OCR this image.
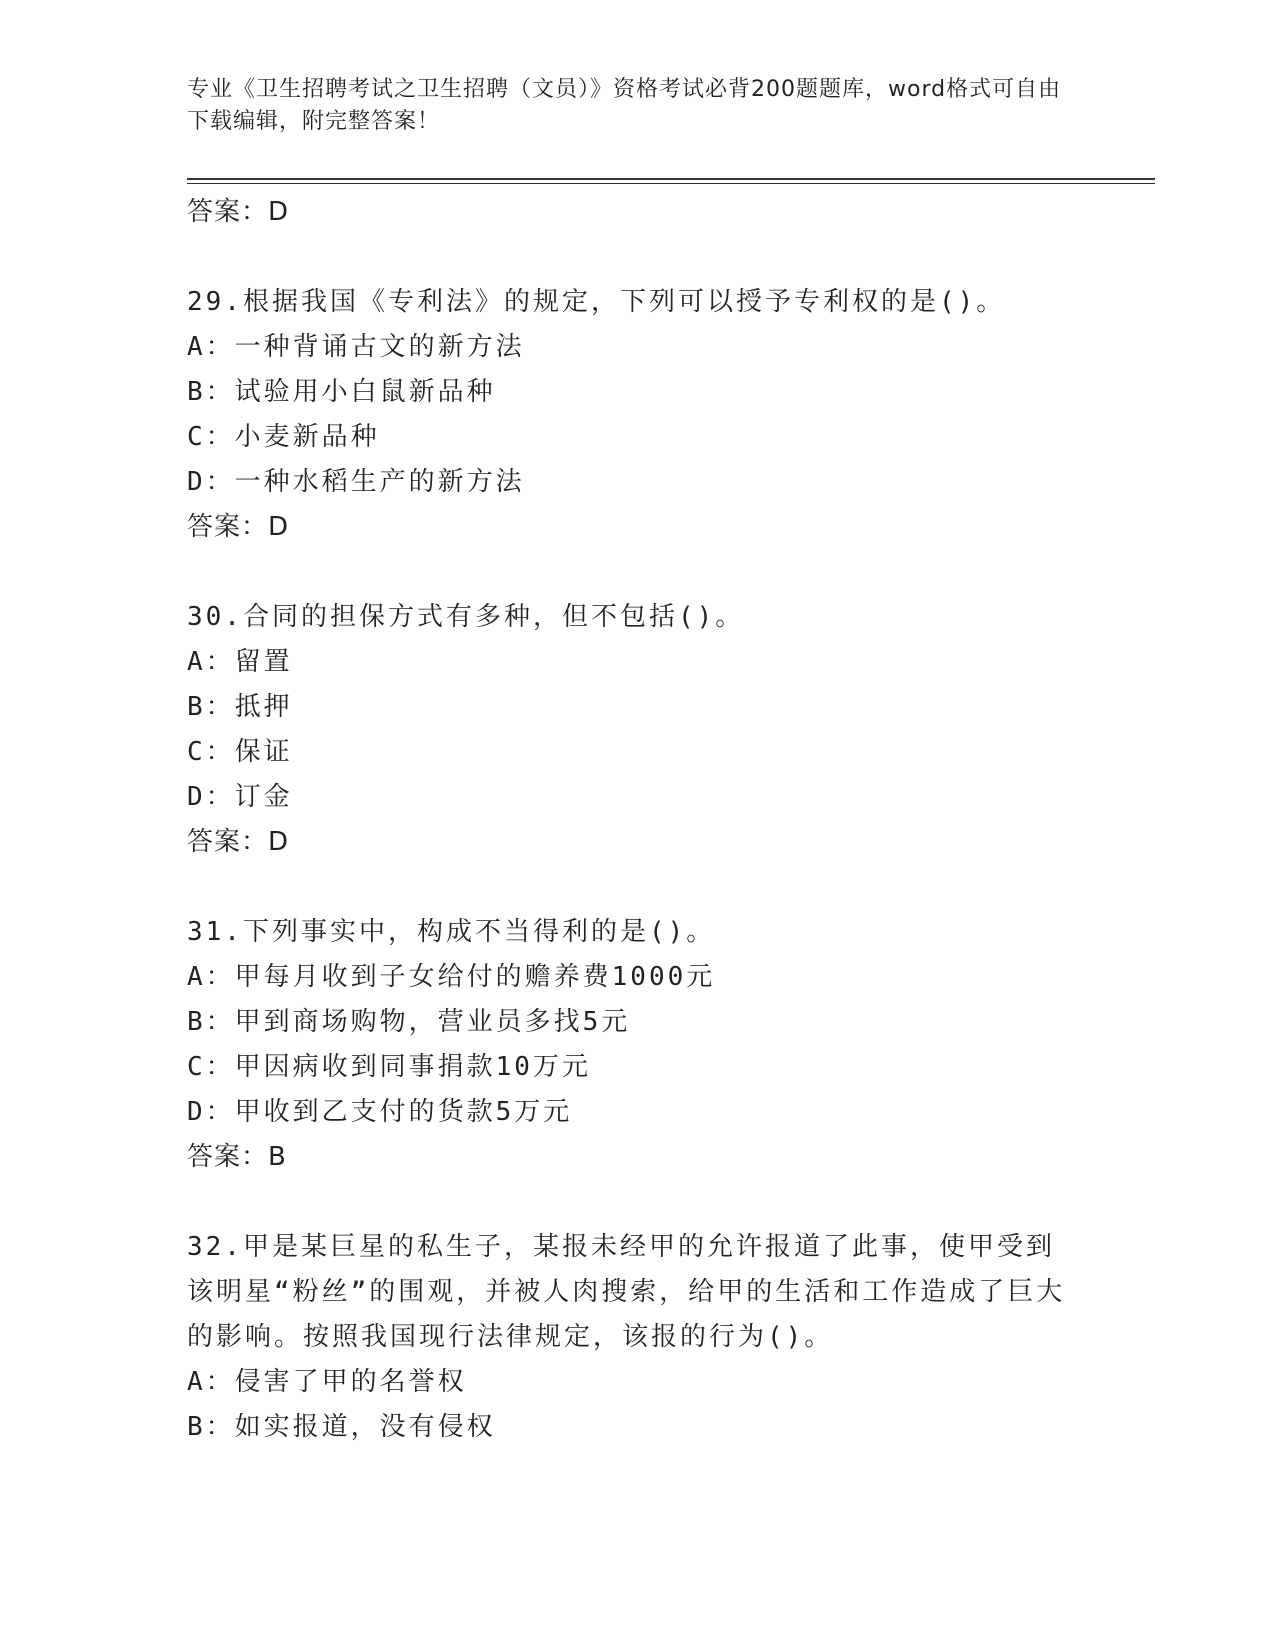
专业《卫生招聘考试之卫生招聘（文员）》资格考试必背200题题库，word格式可自由下载编辑，附完整答案！
答案：D
29.根据我国《专利法》的规定，下列可以授予专利权的是()。
A：一种背诵古文的新方法
B：试验用小白鼠新品种
C：小麦新品种
D：一种水稻生产的新方法
答案：D
30.合同的担保方式有多种，但不包括()。
A：留置
B：抵押
C：保证
D：订金
答案：D
31.下列事实中，构成不当得利的是()。
A：甲每月收到子女给付的赡养费1000元
B：甲到商场购物，营业员多找5元
C：甲因病收到同事捐款10万元
D：甲收到乙支付的货款5万元
答案：B
32.甲是某巨星的私生子，某报未经甲的允许报道了此事，使甲受到该明星“粉丝”的围观，并被人肉搜索，给甲的生活和工作造成了巨大的影响。按照我国现行法律规定，该报的行为()。
A：侵害了甲的名誉权
B：如实报道，没有侵权
